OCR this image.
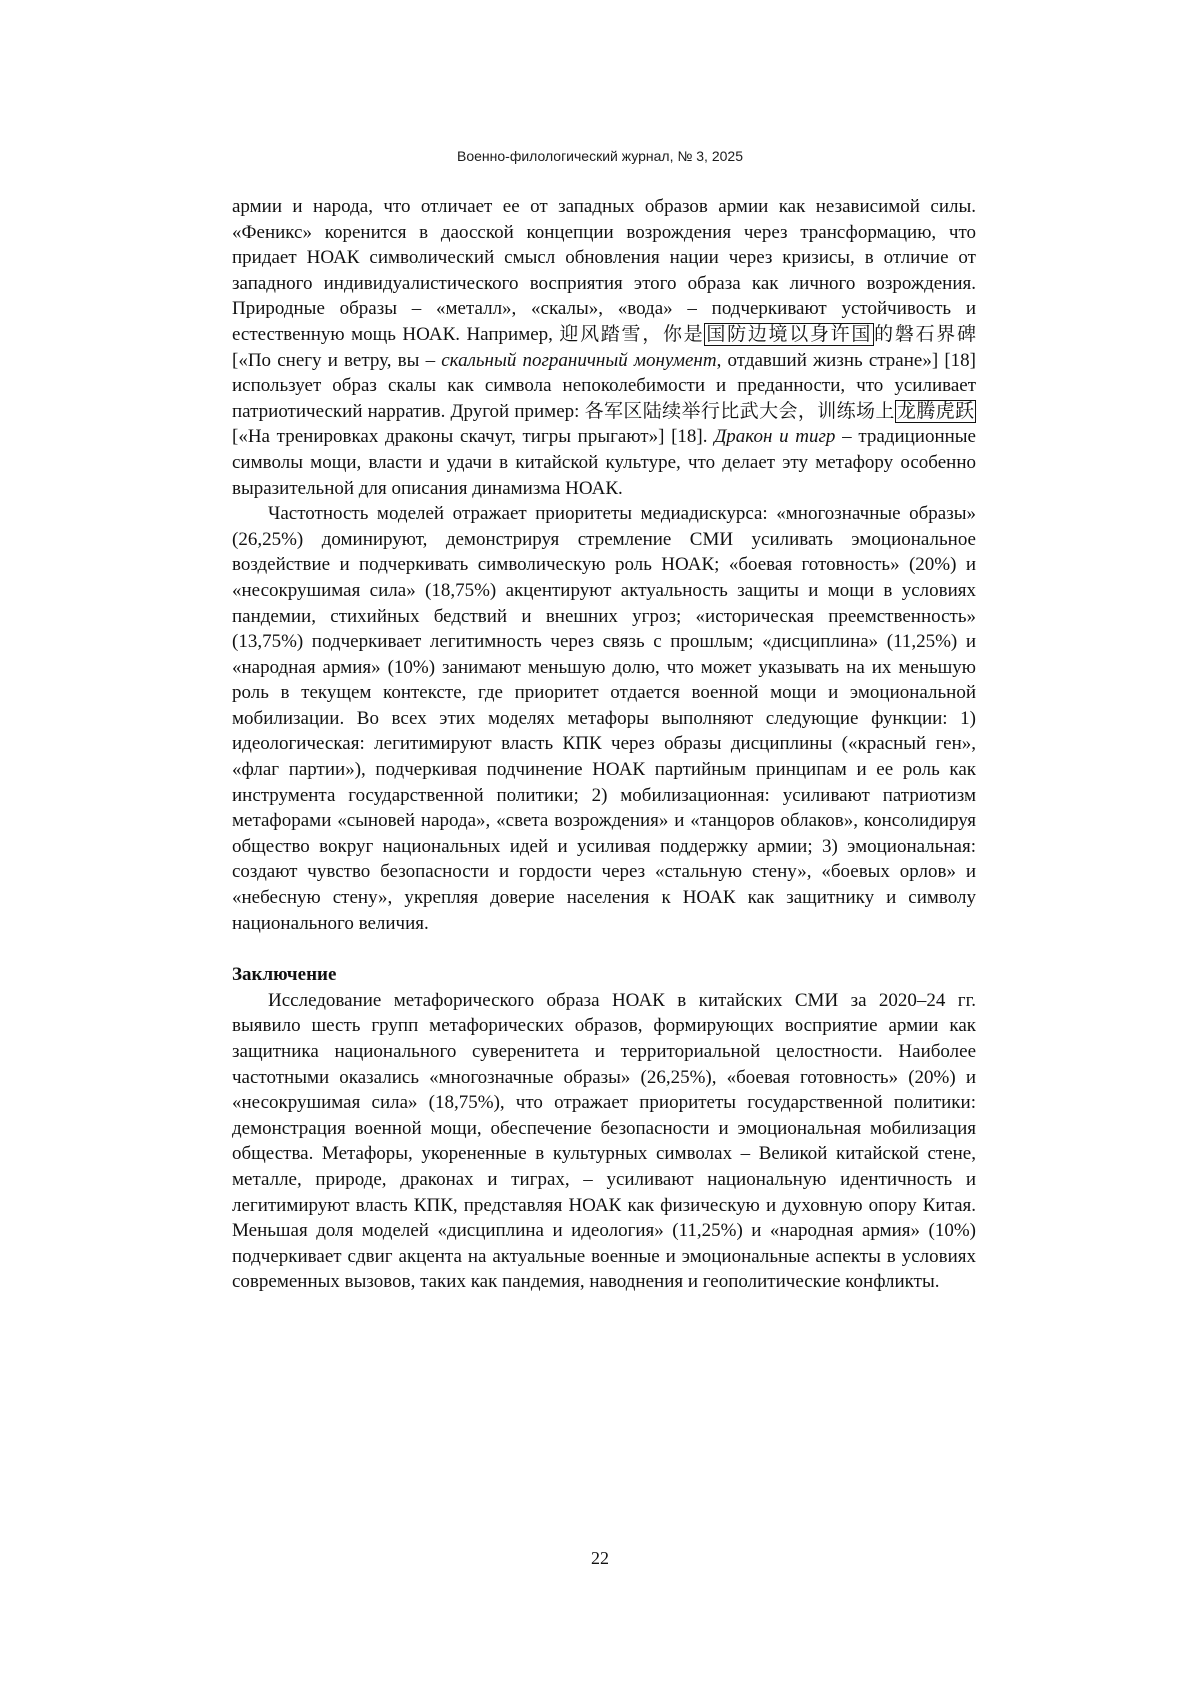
Военно-филологический журнал, № 3, 2025

армии и народа, что отличает ее от западных образов армии как независимой силы. «Феникс» коренится в даосской концепции возрождения через трансформацию, что придает НОАК символический смысл обновления нации через кризисы, в отличие от западного индивидуалистического восприятия этого образа как личного возрождения. Природные образы – «металл», «скалы», «вода» – подчеркивают устойчивость и естественную мощь НОАК. Например, 迎风踏雪，你是 国防边境以身许国 的磐石界碑 [«По снегу и ветру, вы – скальный пограничный монумент, отдавший жизнь стране»] [18] использует образ скалы как символа непоколебимости и преданности, что усиливает патриотический нарратив. Другой пример: 各军区陆续举行比武大会，训练场上 龙腾虎跃 [«На тренировках драконы скачут, тигры прыгают»] [18]. Дракон и тигр – традиционные символы мощи, власти и удачи в китайской культуре, что делает эту метафору особенно выразительной для описания динамизма НОАК.

Частотность моделей отражает приоритеты медиадискурса: «многозначные образы» (26,25%) доминируют, демонстрируя стремление СМИ усиливать эмоциональное воздействие и подчеркивать символическую роль НОАК; «боевая готовность» (20%) и «несокрушимая сила» (18,75%) акцентируют актуальность защиты и мощи в условиях пандемии, стихийных бедствий и внешних угроз; «историческая преемственность» (13,75%) подчеркивает легитимность через связь с прошлым; «дисциплина» (11,25%) и «народная армия» (10%) занимают меньшую долю, что может указывать на их меньшую роль в текущем контексте, где приоритет отдается военной мощи и эмоциональной мобилизации. Во всех этих моделях метафоры выполняют следующие функции: 1) идеологическая: легитимируют власть КПК через образы дисциплины («красный ген», «флаг партии»), подчеркивая подчинение НОАК партийным принципам и ее роль как инструмента государственной политики; 2) мобилизационная: усиливают патриотизм метафорами «сыновей народа», «света возрождения» и «танцоров облаков», консолидируя общество вокруг национальных идей и усиливая поддержку армии; 3) эмоциональная: создают чувство безопасности и гордости через «стальную стену», «боевых орлов» и «небесную стену», укрепляя доверие населения к НОАК как защитнику и символу национального величия.

Заключение

Исследование метафорического образа НОАК в китайских СМИ за 2020–24 гг. выявило шесть групп метафорических образов, формирующих восприятие армии как защитника национального суверенитета и территориальной целостности. Наиболее частотными оказались «многозначные образы» (26,25%), «боевая готовность» (20%) и «несокрушимая сила» (18,75%), что отражает приоритеты государственной политики: демонстрация военной мощи, обеспечение безопасности и эмоциональная мобилизация общества. Метафоры, укорененные в культурных символах – Великой китайской стене, металле, природе, драконах и тиграх, – усиливают национальную идентичность и легитимируют власть КПК, представляя НОАК как физическую и духовную опору Китая. Меньшая доля моделей «дисциплина и идеология» (11,25%) и «народная армия» (10%) подчеркивает сдвиг акцента на актуальные военные и эмоциональные аспекты в условиях современных вызовов, таких как пандемия, наводнения и геополитические конфликты.

22
